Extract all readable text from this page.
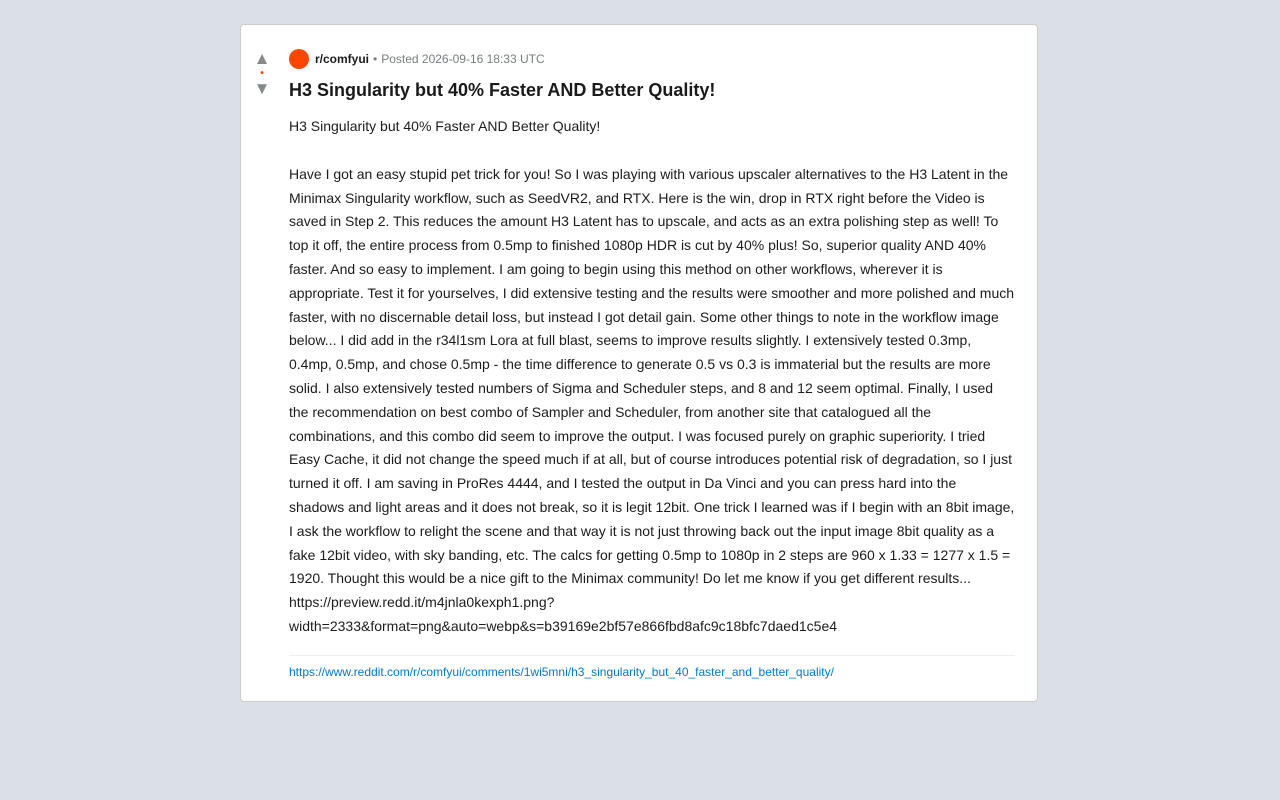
▲
•
▼
r/comfyui • Posted 2026-09-16 18:33 UTC
H3 Singularity but 40% Faster AND Better Quality!

H3 Singularity but 40% Faster AND Better Quality!

Have I got an easy stupid pet trick for you! So I was playing with various upscaler alternatives to the H3 Latent in the Minimax Singularity workflow, such as SeedVR2, and RTX. Here is the win, drop in RTX right before the Video is saved in Step 2. This reduces the amount H3 Latent has to upscale, and acts as an extra polishing step as well! To top it off, the entire process from 0.5mp to finished 1080p HDR is cut by 40% plus! So, superior quality AND 40% faster. And so easy to implement. I am going to begin using this method on other workflows, wherever it is appropriate. Test it for yourselves, I did extensive testing and the results were smoother and more polished and much faster, with no discernable detail loss, but instead I got detail gain. Some other things to note in the workflow image below... I did add in the r34l1sm Lora at full blast, seems to improve results slightly. I extensively tested 0.3mp, 0.4mp, 0.5mp, and chose 0.5mp - the time difference to generate 0.5 vs 0.3 is immaterial but the results are more solid. I also extensively tested numbers of Sigma and Scheduler steps, and 8 and 12 seem optimal. Finally, I used the recommendation on best combo of Sampler and Scheduler, from another site that catalogued all the combinations, and this combo did seem to improve the output. I was focused purely on graphic superiority. I tried Easy Cache, it did not change the speed much if at all, but of course introduces potential risk of degradation, so I just turned it off. I am saving in ProRes 4444, and I tested the output in Da Vinci and you can press hard into the shadows and light areas and it does not break, so it is legit 12bit. One trick I learned was if I begin with an 8bit image, I ask the workflow to relight the scene and that way it is not just throwing back out the input image 8bit quality as a fake 12bit video, with sky banding, etc. The calcs for getting 0.5mp to 1080p in 2 steps are 960 x 1.33 = 1277 x 1.5 = 1920. Thought this would be a nice gift to the Minimax community! Do let me know if you get different results... https://preview.redd.it/m4jnla0kexph1.png?width=2333&format=png&auto=webp&s=b39169e2bf57e866fbd8afc9c18bfc7daed1c5e4

https://www.reddit.com/r/comfyui/comments/1wi5mni/h3_singularity_but_40_faster_and_better_quality/
